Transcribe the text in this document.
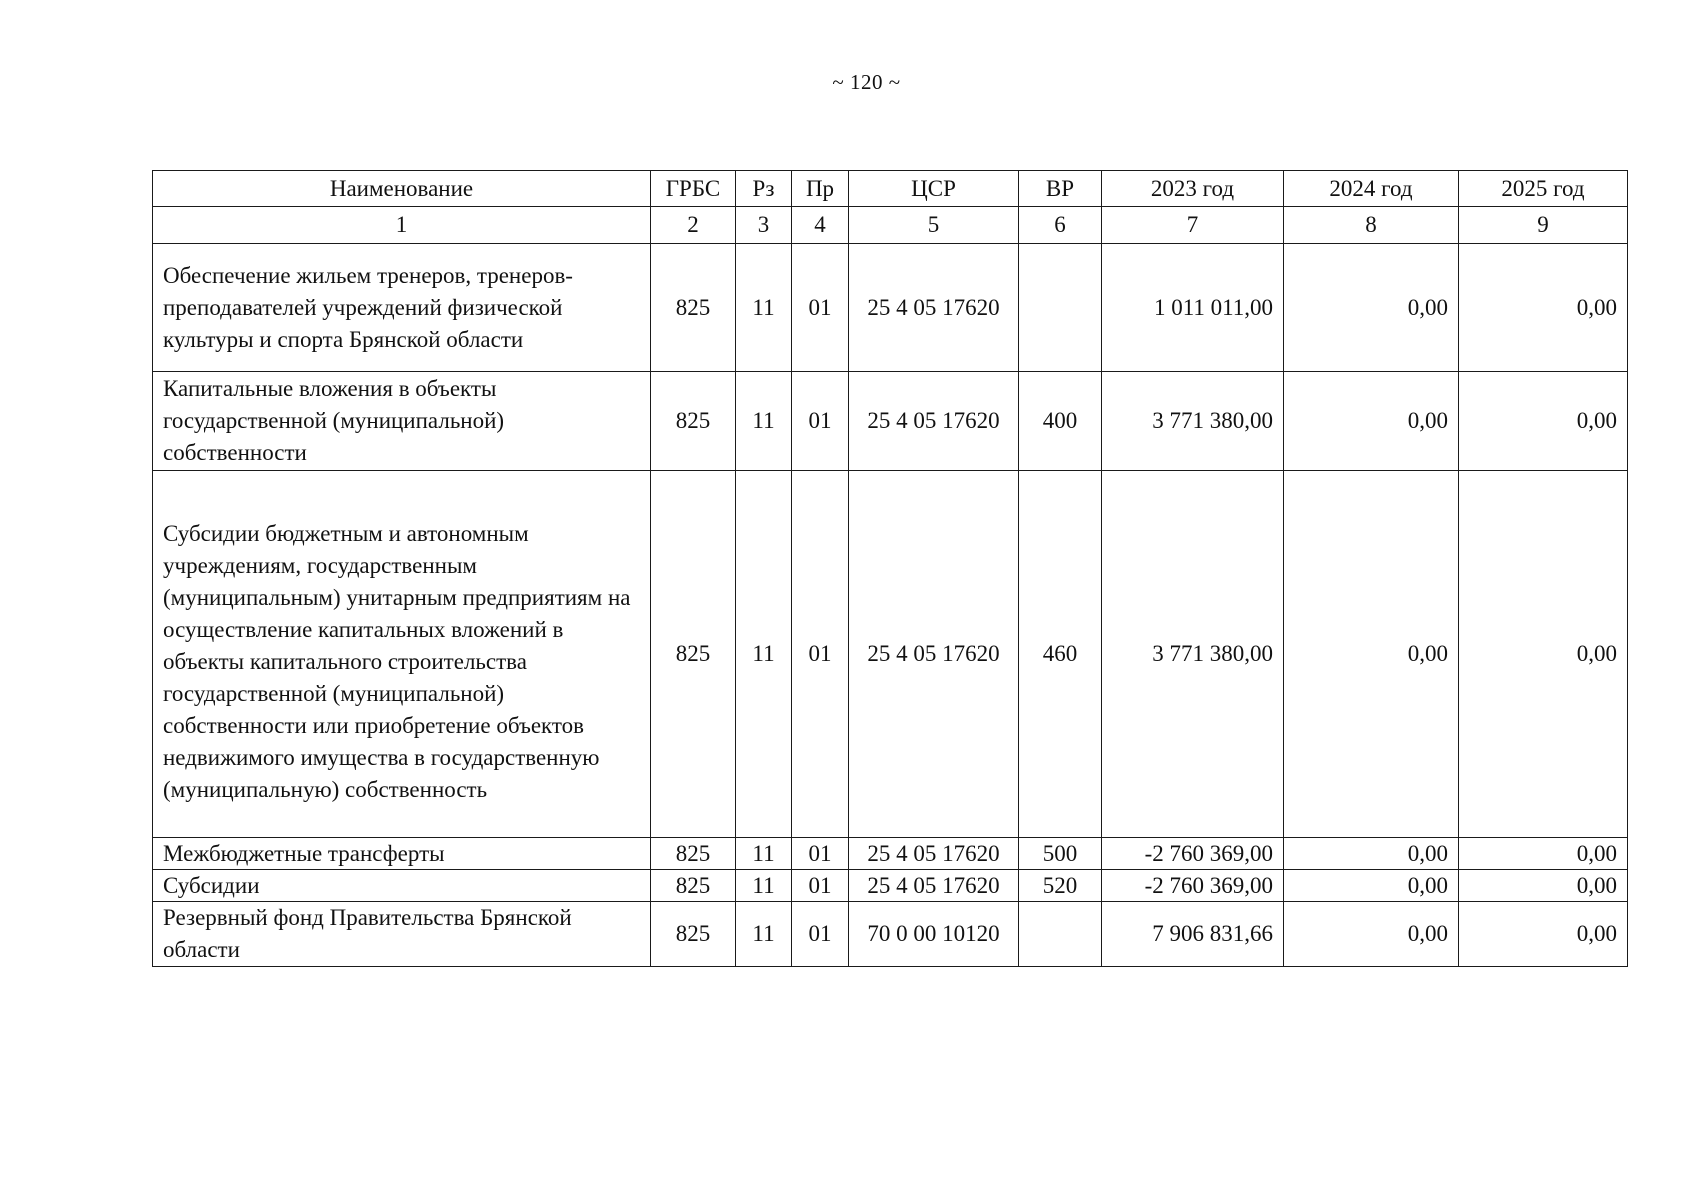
~ 120 ~
Наименование	ГРБС	Рз	Пр	ЦСР	ВР	2023 год	2024 год	2025 год
1	2	3	4	5	6	7	8	9
Обеспечение жильем тренеров, тренеров-преподавателей учреждений физической культуры и спорта Брянской области	825	11	01	25 4 05 17620		1 011 011,00	0,00	0,00
Капитальные вложения в объекты государственной (муниципальной) собственности	825	11	01	25 4 05 17620	400	3 771 380,00	0,00	0,00
Субсидии бюджетным и автономным учреждениям, государственным (муниципальным) унитарным предприятиям на осуществление капитальных вложений в объекты капитального строительства государственной (муниципальной) собственности или приобретение объектов недвижимого имущества в государственную (муниципальную) собственность	825	11	01	25 4 05 17620	460	3 771 380,00	0,00	0,00
Межбюджетные трансферты	825	11	01	25 4 05 17620	500	-2 760 369,00	0,00	0,00
Субсидии	825	11	01	25 4 05 17620	520	-2 760 369,00	0,00	0,00
Резервный фонд Правительства Брянской области	825	11	01	70 0 00 10120		7 906 831,66	0,00	0,00
